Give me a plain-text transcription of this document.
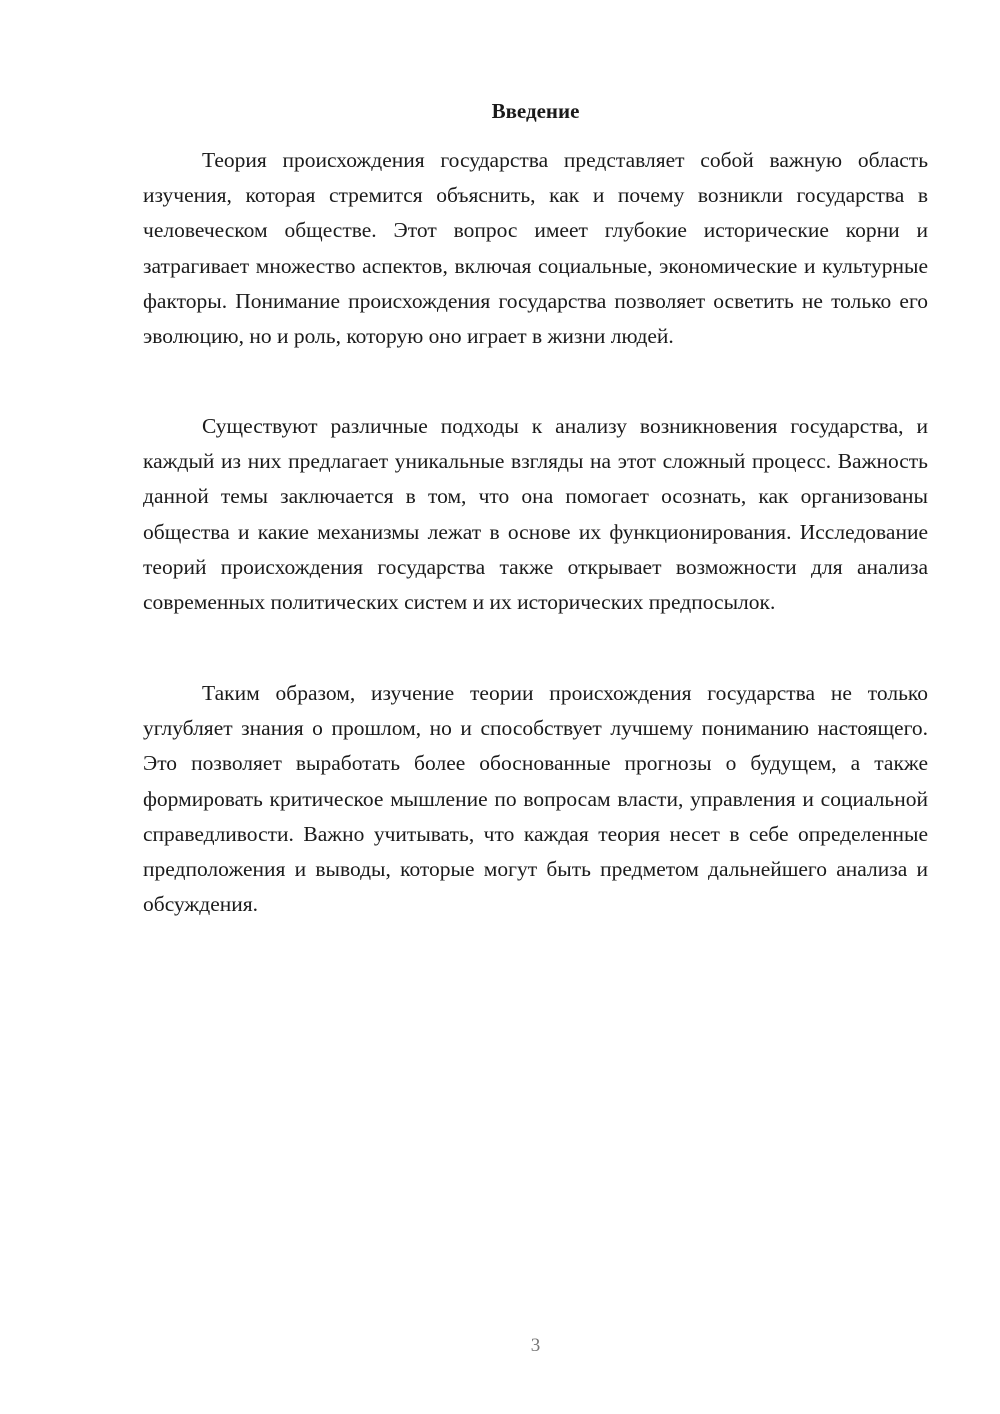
Введение

Теория происхождения государства представляет собой важную область изучения, которая стремится объяснить, как и почему возникли государства в человеческом обществе. Этот вопрос имеет глубокие исторические корни и затрагивает множество аспектов, включая социальные, экономические и культурные факторы. Понимание происхождения государства позволяет осветить не только его эволюцию, но и роль, которую оно играет в жизни людей.

Существуют различные подходы к анализу возникновения государства, и каждый из них предлагает уникальные взгляды на этот сложный процесс. Важность данной темы заключается в том, что она помогает осознать, как организованы общества и какие механизмы лежат в основе их функционирования. Исследование теорий происхождения государства также открывает возможности для анализа современных политических систем и их исторических предпосылок.

Таким образом, изучение теории происхождения государства не только углубляет знания о прошлом, но и способствует лучшему пониманию настоящего. Это позволяет выработать более обоснованные прогнозы о будущем, а также формировать критическое мышление по вопросам власти, управления и социальной справедливости. Важно учитывать, что каждая теория несет в себе определенные предположения и выводы, которые могут быть предметом дальнейшего анализа и обсуждения.

3
